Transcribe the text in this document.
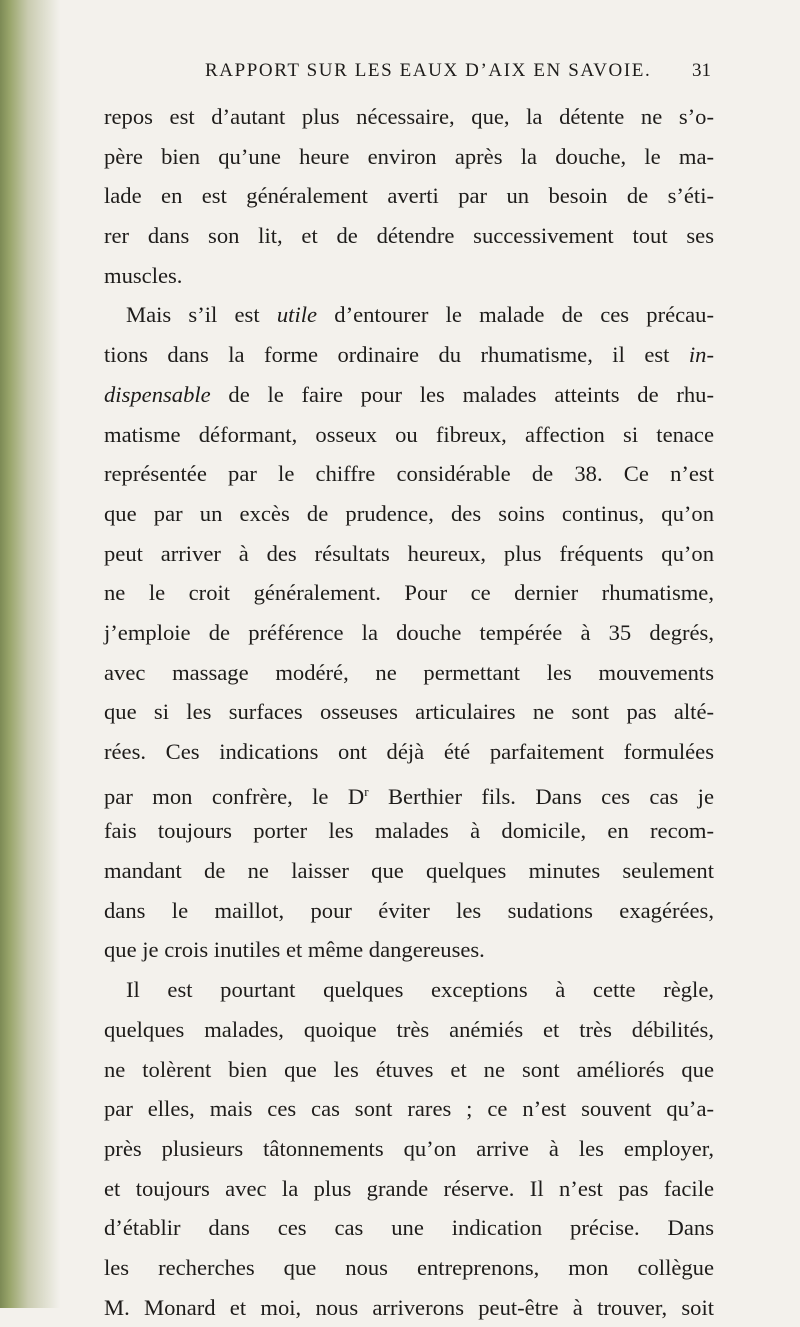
RAPPORT SUR LES EAUX D’AIX EN SAVOIE. 31
repos est d’autant plus nécessaire, que, la détente ne s’o-
père bien qu’une heure environ après la douche, le ma-
lade en est généralement averti par un besoin de s’éti-
rer dans son lit, et de détendre successivement tout ses
muscles.
Mais s’il est utile d’entourer le malade de ces précau-
tions dans la forme ordinaire du rhumatisme, il est in-
dispensable de le faire pour les malades atteints de rhu-
matisme déformant, osseux ou fibreux, affection si tenace
représentée par le chiffre considérable de 38. Ce n’est
que par un excès de prudence, des soins continus, qu’on
peut arriver à des résultats heureux, plus fréquents qu’on
ne le croit généralement. Pour ce dernier rhumatisme,
j’emploie de préférence la douche tempérée à 35 degrés,
avec massage modéré, ne permettant les mouvements
que si les surfaces osseuses articulaires ne sont pas alté-
rées. Ces indications ont déjà été parfaitement formulées
par mon confrère, le $D^r$ Berthier fils. Dans ces cas je
fais toujours porter les malades à domicile, en recom-
mandant de ne laisser que quelques minutes seulement
dans le maillot, pour éviter les sudations exagérées,
que je crois inutiles et même dangereuses.
Il est pourtant quelques exceptions à cette règle,
quelques malades, quoique très anémiés et très débilités,
ne tolèrent bien que les étuves et ne sont améliorés que
par elles, mais ces cas sont rares ; ce n’est souvent qu’a-
près plusieurs tâtonnements qu’on arrive à les employer,
et toujours avec la plus grande réserve. Il n’est pas facile
d’établir dans ces cas une indication précise. Dans
les recherches que nous entreprenons, mon collègue
M. Monard et moi, nous arriverons peut-être à trouver, soit
